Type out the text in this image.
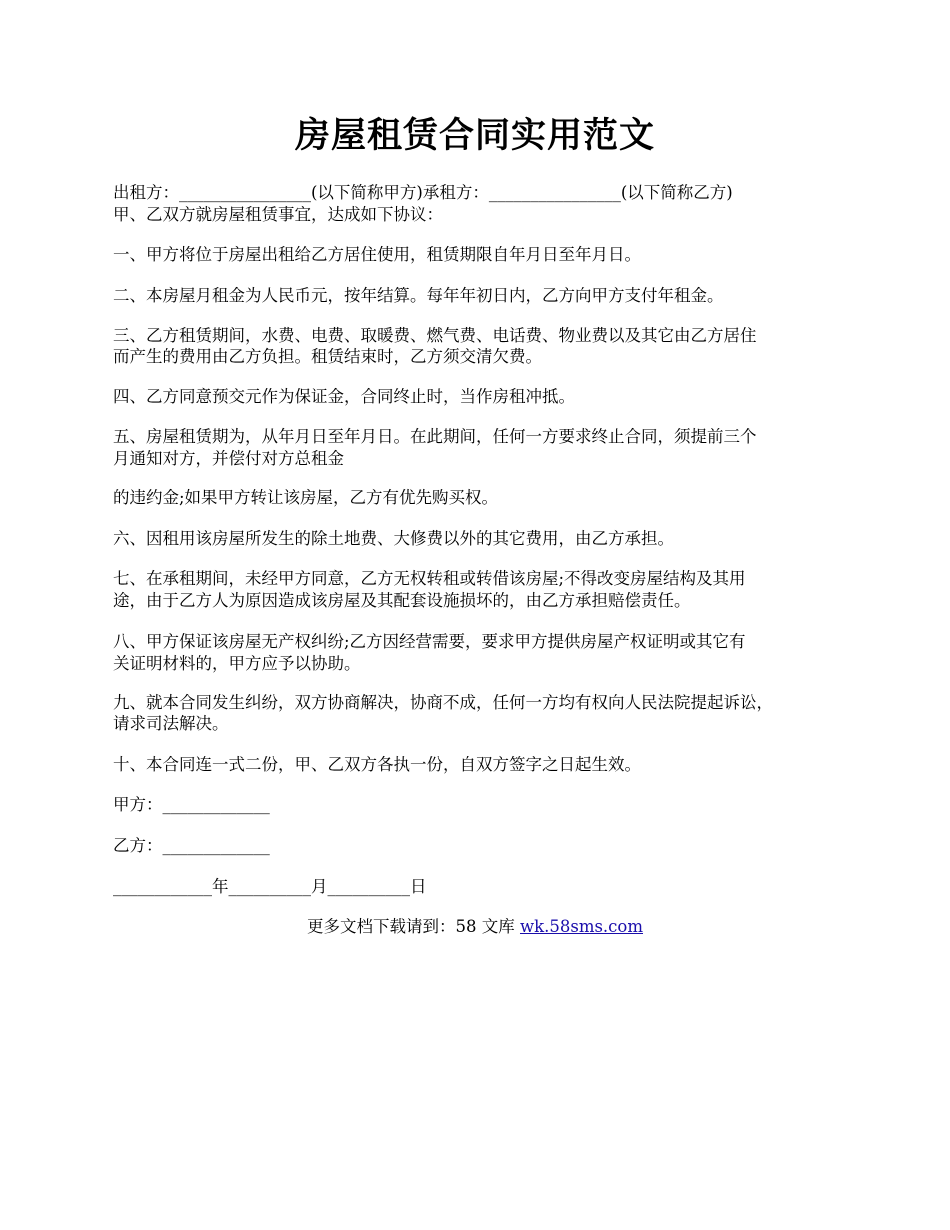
房屋租赁合同实用范文

出租方：________________(以下简称甲方)承租方：________________(以下简称乙方)

甲、乙双方就房屋租赁事宜，达成如下协议：

一、甲方将位于房屋出租给乙方居住使用，租赁期限自年月日至年月日。

二、本房屋月租金为人民币元，按年结算。每年年初日内，乙方向甲方支付年租金。

三、乙方租赁期间，水费、电费、取暖费、燃气费、电话费、物业费以及其它由乙方居住

而产生的费用由乙方负担。租赁结束时，乙方须交清欠费。

四、乙方同意预交元作为保证金，合同终止时，当作房租冲抵。

五、房屋租赁期为，从年月日至年月日。在此期间，任何一方要求终止合同，须提前三个

月通知对方，并偿付对方总租金

的违约金;如果甲方转让该房屋，乙方有优先购买权。

六、因租用该房屋所发生的除土地费、大修费以外的其它费用，由乙方承担。

七、在承租期间，未经甲方同意，乙方无权转租或转借该房屋;不得改变房屋结构及其用

途，由于乙方人为原因造成该房屋及其配套设施损坏的，由乙方承担赔偿责任。

八、甲方保证该房屋无产权纠纷;乙方因经营需要，要求甲方提供房屋产权证明或其它有

关证明材料的，甲方应予以协助。

九、就本合同发生纠纷，双方协商解决，协商不成，任何一方均有权向人民法院提起诉讼，

请求司法解决。

十、本合同连一式二份，甲、乙双方各执一份，自双方签字之日起生效。

甲方：_____________

乙方：_____________

____________年__________月__________日

更多文档下载请到：58 文库 wk.58sms.com
